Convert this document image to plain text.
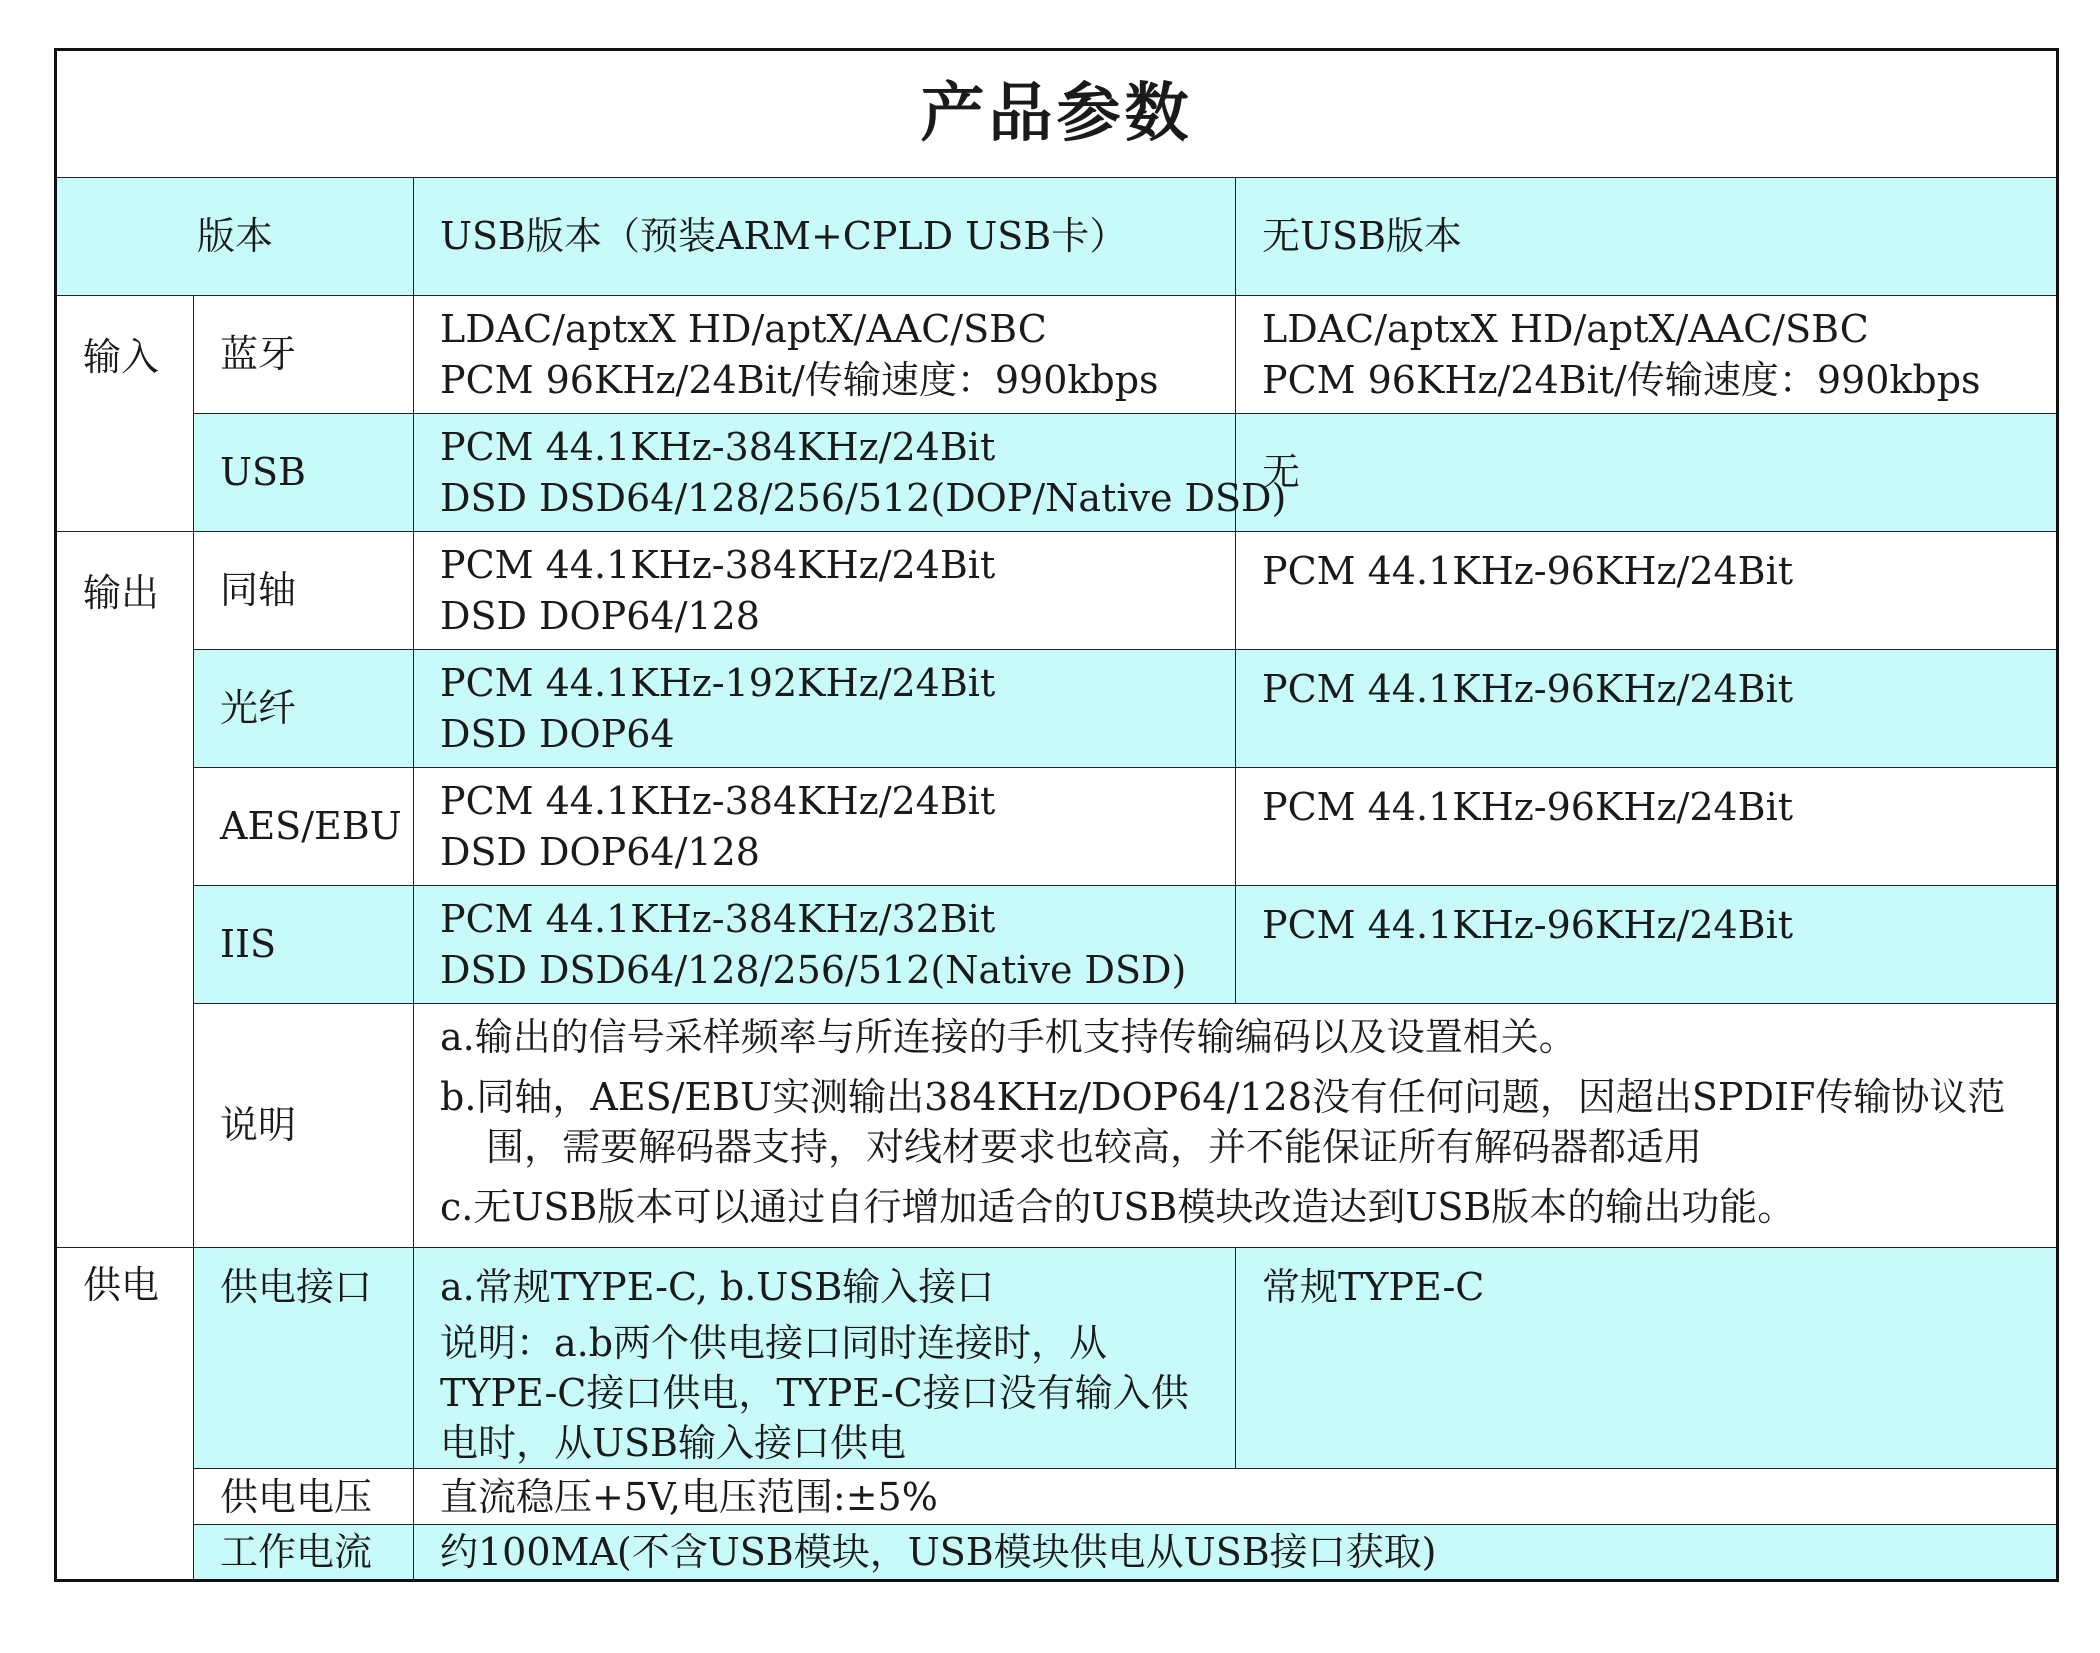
产品参数			
版本		USB版本（预装ARM+CPLD USB卡）	无USB版本

输入	蓝牙	LDAC/aptxX HD/aptX/AAC/SBC
PCM 96KHz/24Bit/传输速度：990kbps	LDAC/aptxX HD/aptX/AAC/SBC
PCM 96KHz/24Bit/传输速度：990kbps

	USB	PCM 44.1KHz-384KHz/24Bit
DSD DSD64/128/256/512(DOP/Native DSD)	无

输出	同轴	PCM 44.1KHz-384KHz/24Bit
DSD DOP64/128	PCM 44.1KHz-96KHz/24Bit
	光纤	PCM 44.1KHz-192KHz/24Bit
DSD DOP64	PCM 44.1KHz-96KHz/24Bit
	AES/EBU	PCM 44.1KHz-384KHz/24Bit
DSD DOP64/128	PCM 44.1KHz-96KHz/24Bit
	IIS	PCM 44.1KHz-384KHz/32Bit
DSD DSD64/128/256/512(Native DSD)	PCM 44.1KHz-96KHz/24Bit
	说明	a.输出的信号采样频率与所连接的手机支持传输编码以及设置相关。
b.同轴，AES/EBU实测输出384KHz/DOP64/128没有任何问题，因超出SPDIF传输协议范围，需要解码器支持，对线材要求也较高，并不能保证所有解码器都适用
c.无USB版本可以通过自行增加适合的USB模块改造达到USB版本的输出功能。	

供电	供电接口	a.常规TYPE-C, b.USB输入接口
说明：a.b两个供电接口同时连接时，从TYPE-C接口供电，TYPE-C接口没有输入供电时，从USB输入接口供电	常规TYPE-C
	供电电压	直流稳压+5V,电压范围:±5%	
	工作电流	约100MA(不含USB模块，USB模块供电从USB接口获取)	
